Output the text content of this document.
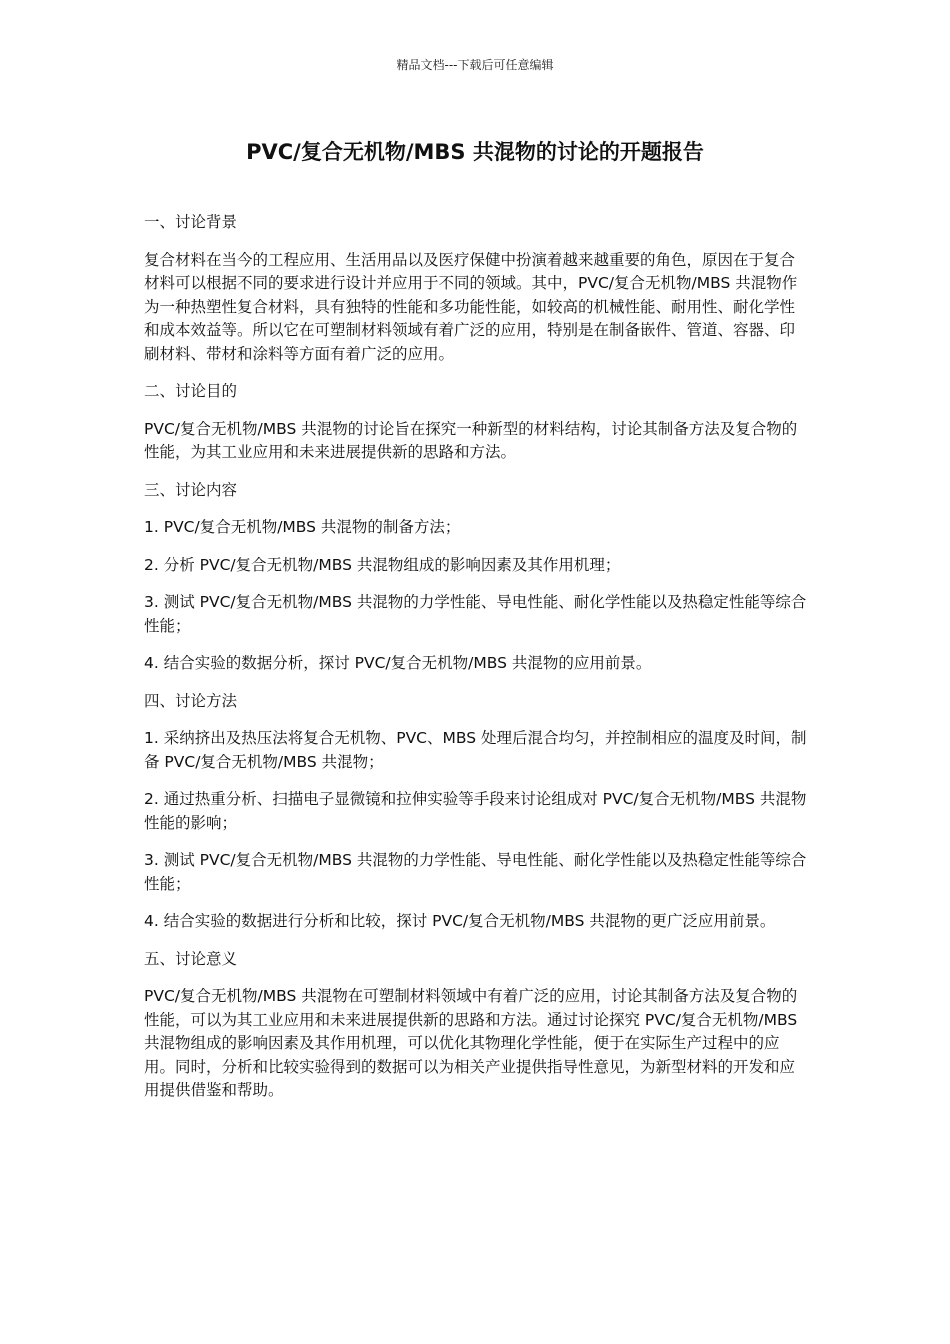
精品文档---下载后可任意编辑
PVC/复合无机物/MBS 共混物的讨论的开题报告

一、讨论背景

复合材料在当今的工程应用、生活用品以及医疗保健中扮演着越来越重要的角色，原因在于复合材料可以根据不同的要求进行设计并应用于不同的领域。其中，PVC/复合无机物/MBS 共混物作为一种热塑性复合材料，具有独特的性能和多功能性能，如较高的机械性能、耐用性、耐化学性和成本效益等。所以它在可塑制材料领域有着广泛的应用，特别是在制备嵌件、管道、容器、印刷材料、带材和涂料等方面有着广泛的应用。

二、讨论目的

PVC/复合无机物/MBS 共混物的讨论旨在探究一种新型的材料结构，讨论其制备方法及复合物的性能，为其工业应用和未来进展提供新的思路和方法。

三、讨论内容

1. PVC/复合无机物/MBS 共混物的制备方法；

2. 分析 PVC/复合无机物/MBS 共混物组成的影响因素及其作用机理；

3. 测试 PVC/复合无机物/MBS 共混物的力学性能、导电性能、耐化学性能以及热稳定性能等综合性能；

4. 结合实验的数据分析，探讨 PVC/复合无机物/MBS 共混物的应用前景。

四、讨论方法

1. 采纳挤出及热压法将复合无机物、PVC、MBS 处理后混合均匀，并控制相应的温度及时间，制备 PVC/复合无机物/MBS 共混物；

2. 通过热重分析、扫描电子显微镜和拉伸实验等手段来讨论组成对 PVC/复合无机物/MBS 共混物性能的影响；

3. 测试 PVC/复合无机物/MBS 共混物的力学性能、导电性能、耐化学性能以及热稳定性能等综合性能；

4. 结合实验的数据进行分析和比较，探讨 PVC/复合无机物/MBS 共混物的更广泛应用前景。

五、讨论意义

PVC/复合无机物/MBS 共混物在可塑制材料领域中有着广泛的应用，讨论其制备方法及复合物的性能，可以为其工业应用和未来进展提供新的思路和方法。通过讨论探究 PVC/复合无机物/MBS 共混物组成的影响因素及其作用机理，可以优化其物理化学性能，便于在实际生产过程中的应用。同时，分析和比较实验得到的数据可以为相关产业提供指导性意见，为新型材料的开发和应用提供借鉴和帮助。
